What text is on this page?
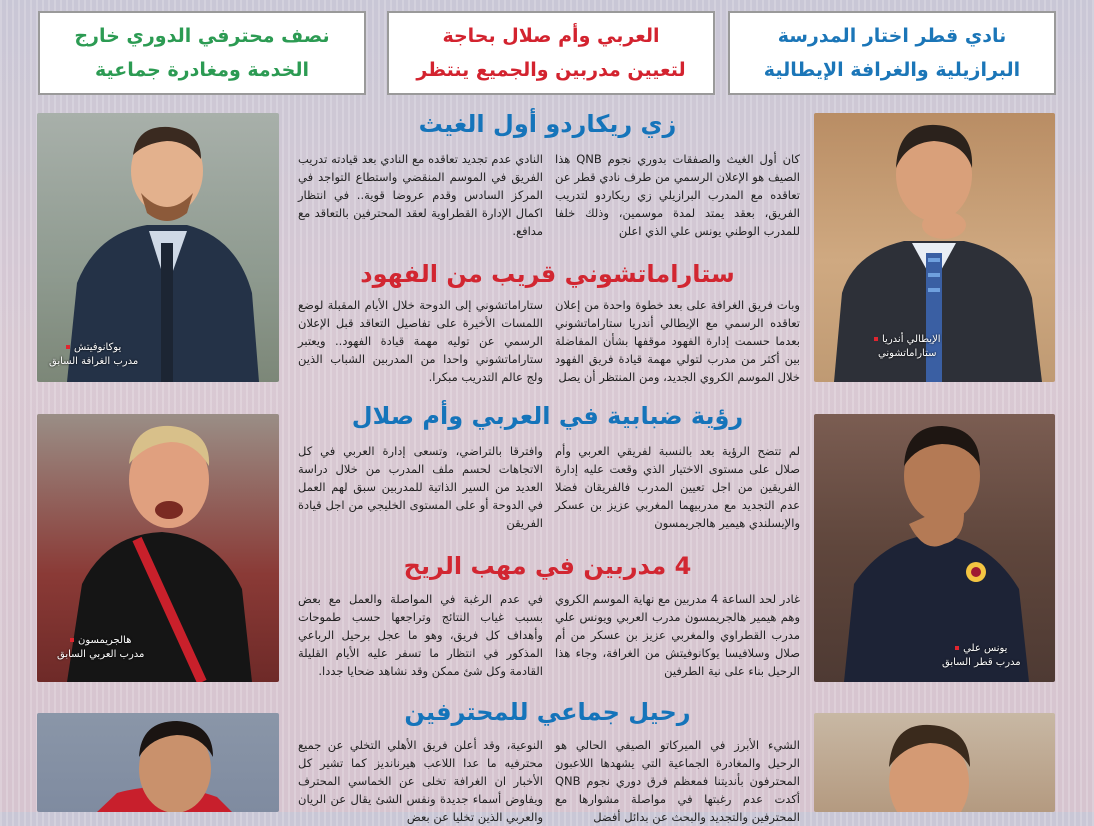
نادي قطر اختار المدرسة
البرازيلية والغرافة الإيطالية
العربي وأم صلال بحاجة
لتعيين مدربين والجميع ينتظر
نصف محترفي الدوري خارج
الخدمة ومغادرة جماعية
الإيطالي أندريا
ستاراماتشوني
يوكانوفيتش
مدرب الغرافة السابق
يونس علي
مدرب قطر السابق
هالجريمسون
مدرب العربي السابق
زي ريكاردو أول الغيث

كان أول الغيث والصفقات بدوري نجوم QNB هذا الصيف هو الإعلان الرسمي من طرف نادي قطر عن تعاقده مع المدرب البرازيلي زي ريكاردو لتدريب الفريق، بعقد يمتد لمدة موسمين، وذلك خلفا للمدرب الوطني يونس علي الذي اعلن

النادي عدم تجديد تعاقده مع النادي بعد قيادته تدريب الفريق في الموسم المنقضي واستطاع التواجد في المركز السادس وقدم عروضا قوية.. في انتظار اكمال الإدارة القطراوية لعقد المحترفين بالتعاقد مع مدافع.

ستاراماتشوني قريب من الفهود

وبات فريق الغرافة على بعد خطوة واحدة من إعلان تعاقده الرسمي مع الإيطالي أندريا ستاراماتشوني بعدما حسمت إدارة الفهود موقفها بشأن المفاضلة بين أكثر من مدرب لتولي مهمة قيادة فريق الفهود خلال الموسم الكروي الجديد، ومن المنتظر أن يصل

ستاراماتشوني إلى الدوحة خلال الأيام المقبلة لوضع اللمسات الأخيرة على تفاصيل التعاقد قبل الإعلان الرسمي عن توليه مهمة قيادة الفهود.. ويعتبر ستاراماتشوني واحدا من المدربين الشباب الذين ولج عالم التدريب مبكرا.

رؤية ضبابية في العربي وأم صلال

لم تتضح الرؤية بعد بالنسبة لفريقي العربي وأم صلال على مستوى الاختيار الذي وقعت عليه إدارة الفريقين من اجل تعيين المدرب فالفريقان فضلا عدم التجديد مع مدربيهما المغربي عزيز بن عسكر والإيسلندي هيمير هالجريمسون

وافترقا بالتراضي، وتسعى إدارة العربي في كل الاتجاهات لحسم ملف المدرب من خلال دراسة العديد من السير الذاتية للمدربين سبق لهم العمل في الدوحة أو على المستوى الخليجي من اجل قيادة الفريقن

4 مدربين في مهب الريح

غادر لحد الساعة 4 مدربين مع نهاية الموسم الكروي وهم هيمير هالجريمسون مدرب العربي ويونس علي مدرب القطراوي والمغربي عزيز بن عسكر من أم صلال وسلافيسا يوكانوفيتش من الغرافة، وجاء هذا الرحيل بناء على نية الطرفين

في عدم الرغبة في المواصلة والعمل مع بعض بسبب غياب النتائج وتراجعها حسب طموحات وأهداف كل فريق، وهو ما عجل برحيل الرباعي المذكور في انتظار ما تسفر عليه الأيام القليلة القادمة وكل شئ ممكن وقد نشاهد ضحايا جددا.

رحيل جماعي للمحترفين

الشيء الأبرز في الميركاتو الصيفي الحالي هو الرحيل والمغادرة الجماعية التي يشهدها اللاعبون المحترفون بأنديتنا فمعظم فرق دوري نجوم QNB أكدت عدم رغبتها في مواصلة مشوارها مع المحترفين والتجديد والبحث عن بدائل أفضل

النوعية، وقد أعلن فريق الأهلي التخلي عن جميع محترفيه ما عدا اللاعب هيرنانديز كما تشير كل الأخبار ان الغرافة تخلى عن الخماسي المحترف ويفاوض أسماء جديدة ونفس الشئ يقال عن الريان والعربي الذين تخليا عن بعض
